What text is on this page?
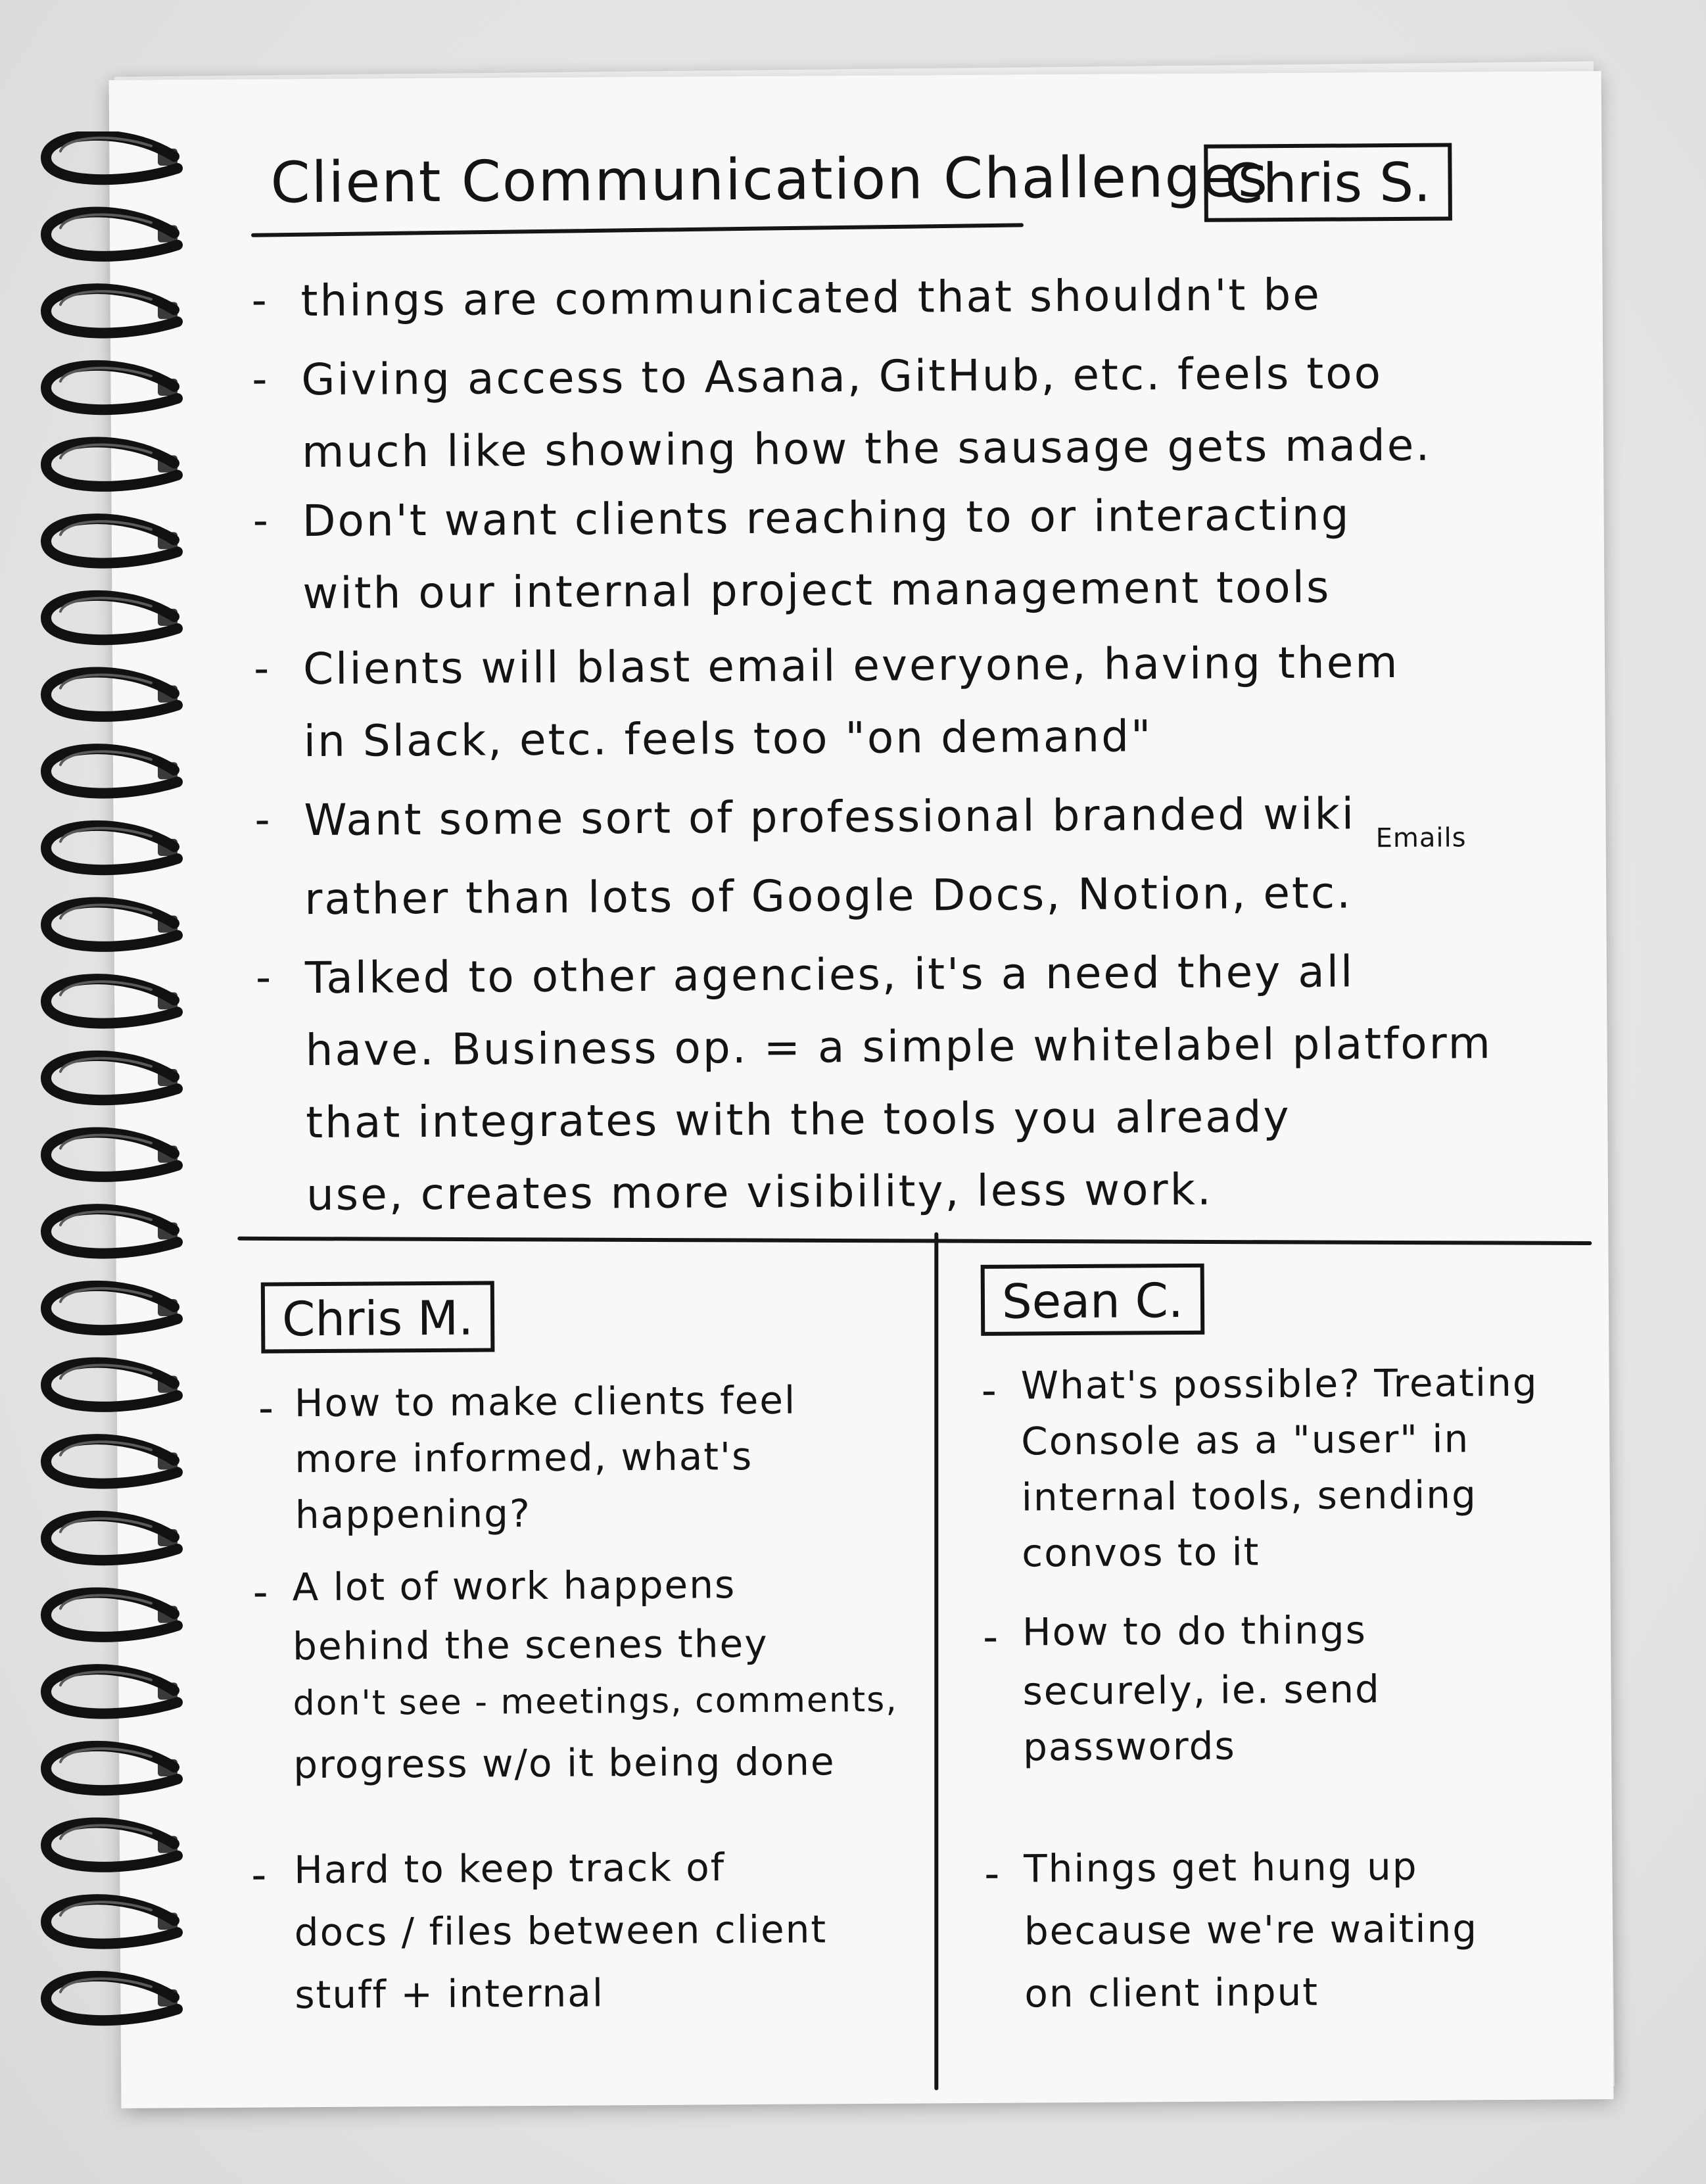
Client Communication Challenges
Chris S.
- things are communicated that shouldn't be
- Giving access to Asana, GitHub, etc. feels too
much like showing how the sausage gets made.
- Don't want clients reaching to or interacting
with our internal project management tools
- Clients will blast email everyone, having them
in Slack, etc. feels too "on demand"
- Want some sort of professional branded wiki
rather than lots of Google Docs, Notion, etc.
Emails
- Talked to other agencies, it's a need they all
have. Business op. = a simple whitelabel platform
that integrates with the tools you already
use, creates more visibility, less work.
Chris M.
- How to make clients feel
more informed, what's
happening?
- A lot of work happens
behind the scenes they
don't see - meetings, comments,
progress w/o it being done
- Hard to keep track of
docs / files between client
stuff + internal
Sean C.
- What's possible? Treating
Console as a "user" in
internal tools, sending
convos to it
- How to do things
securely, ie. send
passwords
- Things get hung up
because we're waiting
on client input
